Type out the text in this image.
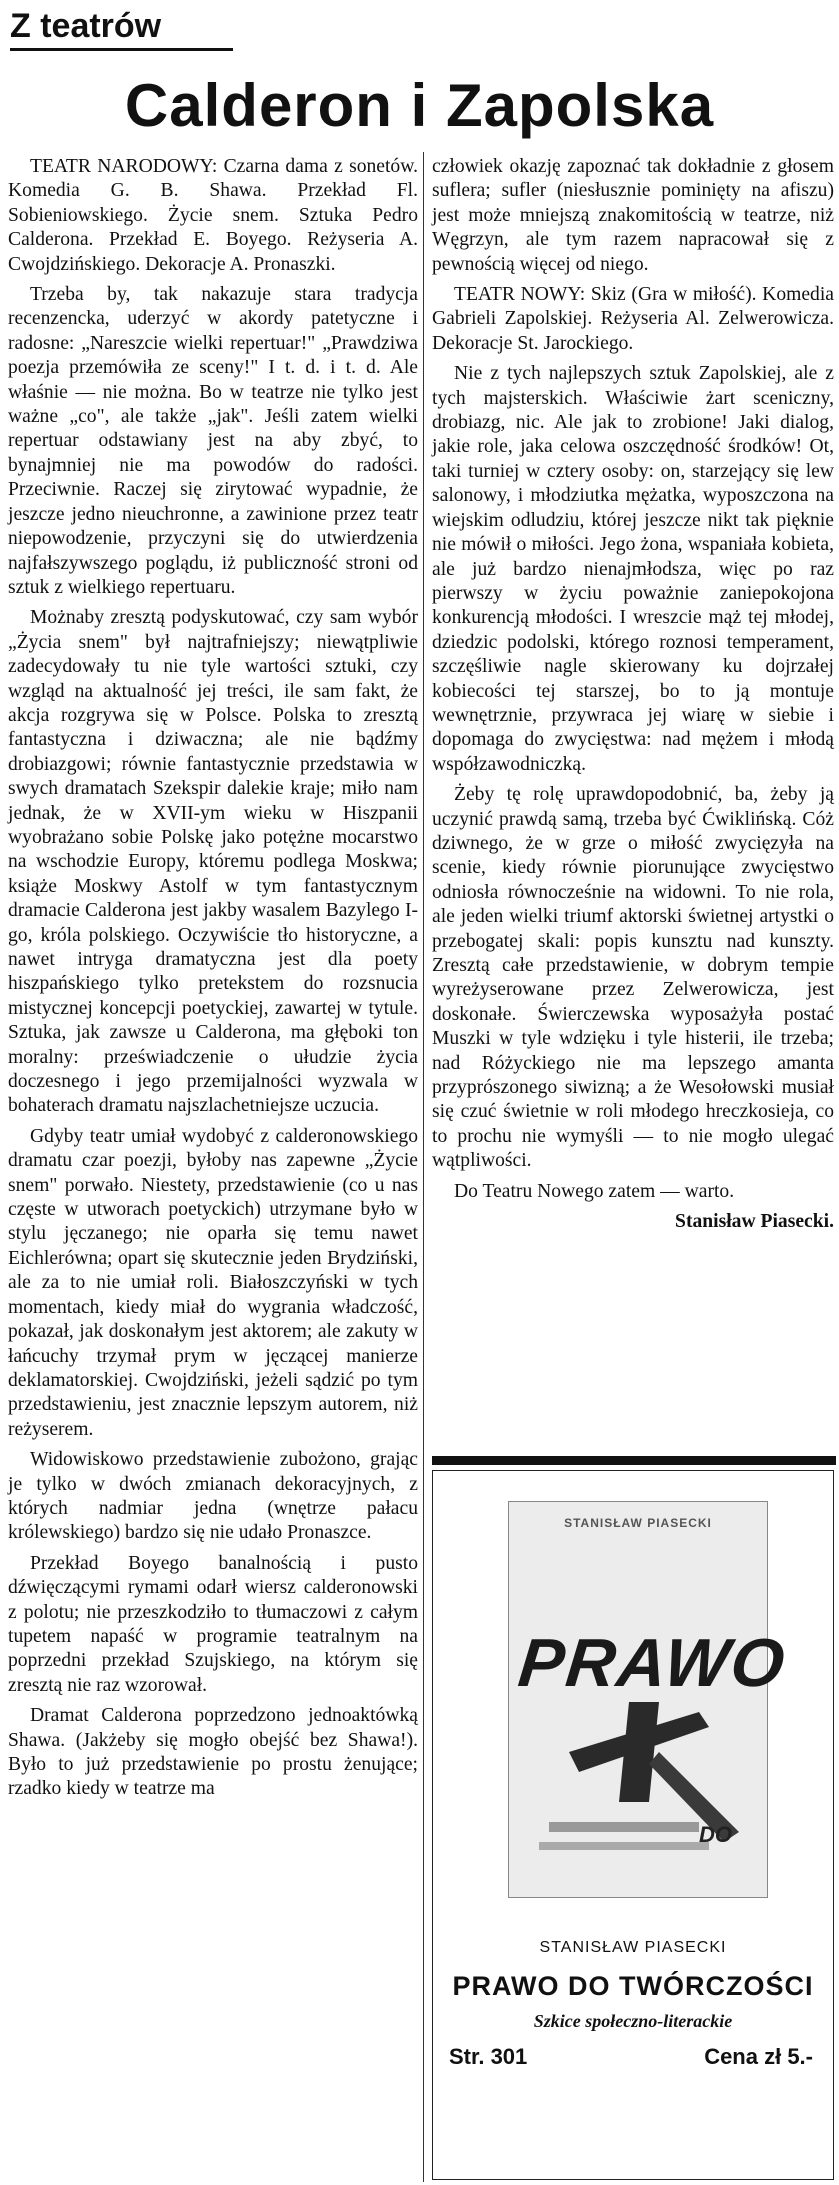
Z teatrów
Calderon i Zapolska

TEATR NARODOWY: Czarna dama z sonetów. Komedia G. B. Shawa. Przekład Fl. Sobieniowskiego. Życie snem. Sztuka Pedro Calderona. Przekład E. Boyego. Reżyseria A. Cwojdzińskiego. Dekoracje A. Pronaszki.

Trzeba by, tak nakazuje stara tradycja recenzencka, uderzyć w akordy patetyczne i radosne: „Nareszcie wielki repertuar!" „Prawdziwa poezja przemówiła ze sceny!" I t. d. i t. d. Ale właśnie — nie można. Bo w teatrze nie tylko jest ważne „co", ale także „jak". Jeśli zatem wielki repertuar odstawiany jest na aby zbyć, to bynajmniej nie ma powodów do radości. Przeciwnie. Raczej się zirytować wypadnie, że jeszcze jedno nieuchronne, a zawinione przez teatr niepowodzenie, przyczyni się do utwierdzenia najfałszywszego poglądu, iż publiczność stroni od sztuk z wielkiego repertuaru.

Możnaby zresztą podyskutować, czy sam wybór „Życia snem" był najtrafniejszy; niewątpliwie zadecydowały tu nie tyle wartości sztuki, czy wzgląd na aktualność jej treści, ile sam fakt, że akcja rozgrywa się w Polsce. Polska to zresztą fantastyczna i dziwaczna; ale nie bądźmy drobiazgowi; równie fantastycznie przedstawia w swych dramatach Szekspir dalekie kraje; miło nam jednak, że w XVII-ym wieku w Hiszpanii wyobrażano sobie Polskę jako potężne mocarstwo na wschodzie Europy, któremu podlega Moskwa; książe Moskwy Astolf w tym fantastycznym dramacie Calderona jest jakby wasalem Bazylego I-go, króla polskiego. Oczywiście tło historyczne, a nawet intryga dramatyczna jest dla poety hiszpańskiego tylko pretekstem do rozsnucia mistycznej koncepcji poetyckiej, zawartej w tytule. Sztuka, jak zawsze u Calderona, ma głęboki ton moralny: przeświadczenie o ułudzie życia doczesnego i jego przemijalności wyzwala w bohaterach dramatu najszlachetniejsze uczucia.

Gdyby teatr umiał wydobyć z calderonowskiego dramatu czar poezji, byłoby nas zapewne „Życie snem" porwało. Niestety, przedstawienie (co u nas częste w utworach poetyckich) utrzymane było w stylu jęczanego; nie oparła się temu nawet Eichlerówna; opart się skutecznie jeden Brydziński, ale za to nie umiał roli. Białoszczyński w tych momentach, kiedy miał do wygrania władczość, pokazał, jak doskonałym jest aktorem; ale zakuty w łańcuchy trzymał prym w jęczącej manierze deklamatorskiej. Cwojdziński, jeżeli sądzić po tym przedstawieniu, jest znacznie lepszym autorem, niż reżyserem.

Widowiskowo przedstawienie zubożono, grając je tylko w dwóch zmianach dekoracyjnych, z których nadmiar jedna (wnętrze pałacu królewskiego) bardzo się nie udało Pronaszce.

Przekład Boyego banalnością i pusto dźwięczącymi rymami odarł wiersz calderonowski z polotu; nie przeszkodziło to tłumaczowi z całym tupetem napaść w programie teatralnym na poprzedni przekład Szujskiego, na którym się zresztą nie raz wzorował.

Dramat Calderona poprzedzono jednoaktówką Shawa. (Jakżeby się mogło obejść bez Shawa!). Było to już przedstawienie po prostu żenujące; rzadko kiedy w teatrze ma

człowiek okazję zapoznać tak dokładnie z głosem suflera; sufler (niesłusznie pominięty na afiszu) jest może mniejszą znakomitością w teatrze, niż Węgrzyn, ale tym razem napracował się z pewnością więcej od niego.

TEATR NOWY: Skiz (Gra w miłość). Komedia Gabrieli Zapolskiej. Reżyseria Al. Zelwerowicza. Dekoracje St. Jarockiego.

Nie z tych najlepszych sztuk Zapolskiej, ale z tych majsterskich. Właściwie żart sceniczny, drobiazg, nic. Ale jak to zrobione! Jaki dialog, jakie role, jaka celowa oszczędność środków! Ot, taki turniej w cztery osoby: on, starzejący się lew salonowy, i młodziutka mężatka, wyposzczona na wiejskim odludziu, której jeszcze nikt tak pięknie nie mówił o miłości. Jego żona, wspaniała kobieta, ale już bardzo nienajmłodsza, więc po raz pierwszy w życiu poważnie zaniepokojona konkurencją młodości. I wreszcie mąż tej młodej, dziedzic podolski, którego roznosi temperament, szczęśliwie nagle skierowany ku dojrzałej kobiecości tej starszej, bo to ją montuje wewnętrznie, przywraca jej wiarę w siebie i dopomaga do zwycięstwa: nad mężem i młodą współzawodniczką.

Żeby tę rolę uprawdopodobnić, ba, żeby ją uczynić prawdą samą, trzeba być Ćwiklińską. Cóż dziwnego, że w grze o miłość zwycięzyła na scenie, kiedy równie piorunujące zwycięstwo odniosła równocześnie na widowni. To nie rola, ale jeden wielki triumf aktorski świetnej artystki o przebogatej skali: popis kunsztu nad kunszty. Zresztą całe przedstawienie, w dobrym tempie wyreżyserowane przez Zelwerowicza, jest doskonałe. Świerczewska wyposażyła postać Muszki w tyle wdzięku i tyle histerii, ile trzeba; nad Różyckiego nie ma lepszego amanta przyprószonego siwizną; a że Wesołowski musiał się czuć świetnie w roli młodego hreczkosieja, co to prochu nie wymyśli — to nie mogło ulegać wątpliwości.

Do Teatru Nowego zatem — warto.

Stanisław Piasecki.

STANISŁAW PIASECKI
PRAWO
DO
STANISŁAW PIASECKI
PRAWO DO TWÓRCZOŚCI
Szkice społeczno-literackie
Str. 301	Cena zł 5.-
